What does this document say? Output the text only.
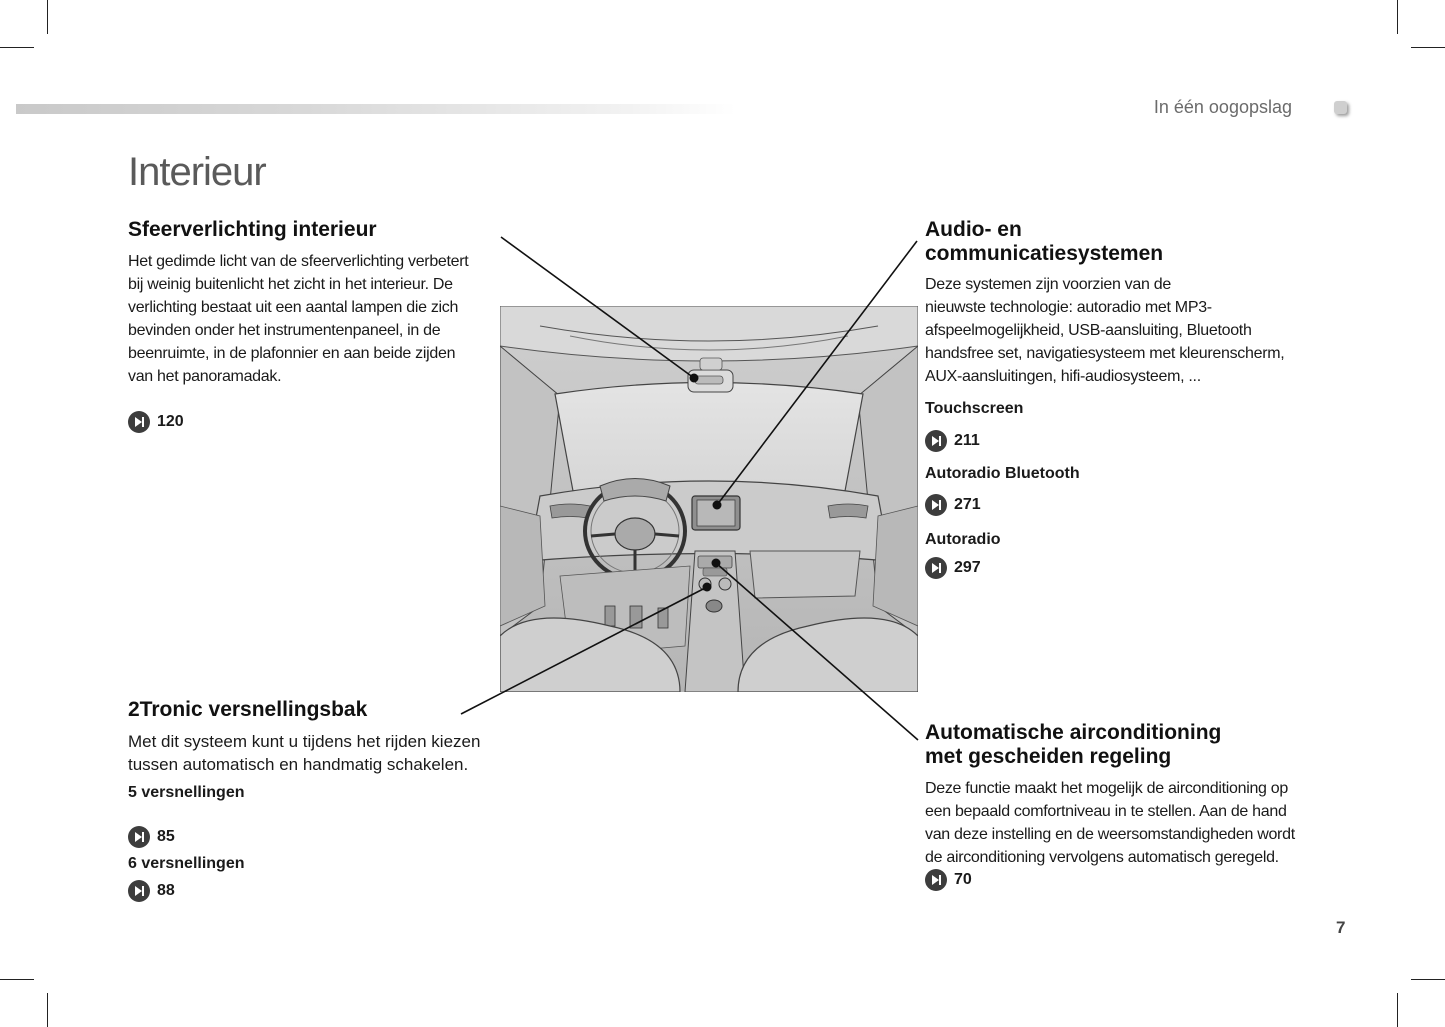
In één oogopslag
Interieur
Sfeerverlichting interieur
Het gedimde licht van de sfeerverlichting verbetert
bij weinig buitenlicht het zicht in het interieur. De
verlichting bestaat uit een aantal lampen die zich
bevinden onder het instrumentenpaneel, in de
beenruimte, in de plafonnier en aan beide zijden
van het panoramadak.
120
Audio- en
communicatiesystemen
Deze systemen zijn voorzien van de
nieuwste technologie: autoradio met MP3-
afspeelmogelijkheid, USB-aansluiting, Bluetooth
handsfree set, navigatiesysteem met kleurenscherm,
AUX-aansluitingen, hifi-audiosysteem, ...
Touchscreen
211
Autoradio Bluetooth
271
Autoradio
297
2Tronic versnellingsbak
Met dit systeem kunt u tijdens het rijden kiezen
tussen automatisch en handmatig schakelen.
5 versnellingen
85
6 versnellingen
88
Automatische airconditioning
met gescheiden regeling
Deze functie maakt het mogelijk de airconditioning op
een bepaald comfortniveau in te stellen. Aan de hand
van deze instelling en de weersomstandigheden wordt
de airconditioning vervolgens automatisch geregeld.
70
7
